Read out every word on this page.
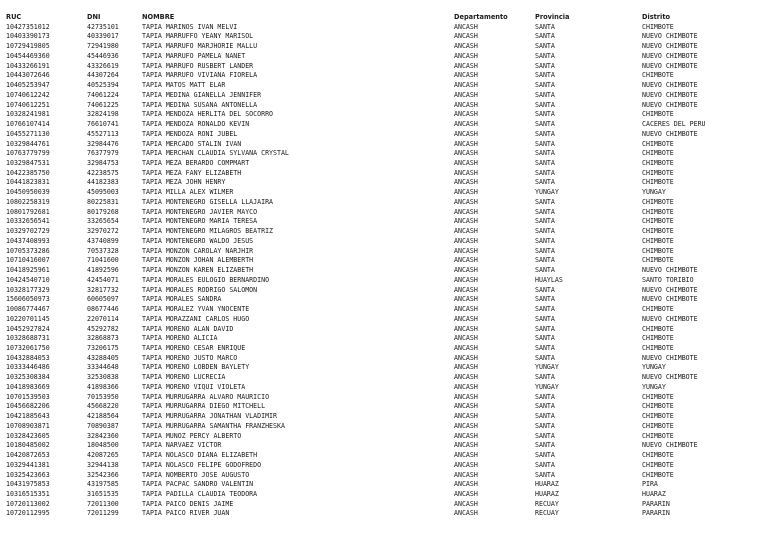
RUC	DNI	NOMBRE	Departamento	Provincia	Distrito
10427351012	42735101	TAPIA MARIÑOS IVAN MELVI	ANCASH	SANTA	CHIMBOTE
10403390173	40339017	TAPIA MARRUFFO YEANY MARISOL	ANCASH	SANTA	NUEVO CHIMBOTE
10729419805	72941980	TAPIA MARRUFO MARJHORIE MALLU	ANCASH	SANTA	NUEVO CHIMBOTE
10454469360	45446936	TAPIA MARRUFO PAMELA NANET	ANCASH	SANTA	NUEVO CHIMBOTE
10433266191	43326619	TAPIA MARRUFO RUSBERT LANDER	ANCASH	SANTA	NUEVO CHIMBOTE
10443072646	44307264	TAPIA MARRUFO VIVIANA FIORELA	ANCASH	SANTA	CHIMBOTE
10405253947	40525394	TAPIA MATOS MATT ELAR	ANCASH	SANTA	NUEVO CHIMBOTE
10740612242	74061224	TAPIA MEDINA GIANELLA JENNIFER	ANCASH	SANTA	NUEVO CHIMBOTE
10740612251	74061225	TAPIA MEDINA SUSANA ANTONELLA	ANCASH	SANTA	NUEVO CHIMBOTE
10328241981	32824198	TAPIA MENDOZA HERLITA DEL SOCORRO	ANCASH	SANTA	CHIMBOTE
10766107414	76610741	TAPIA MENDOZA RONALDO KEVIN	ANCASH	SANTA	CACERES DEL PERU
10455271130	45527113	TAPIA MENDOZA RONI JUBEL	ANCASH	SANTA	NUEVO CHIMBOTE
10329844761	32984476	TAPIA MERCADO STALIN IVAN	ANCASH	SANTA	CHIMBOTE
10763779799	76377979	TAPIA MERCHAN CLAUDIA SYLVANA CRYSTAL	ANCASH	SANTA	CHIMBOTE
10329847531	32984753	TAPIA MEZA BERARDO COMPMART	ANCASH	SANTA	CHIMBOTE
10422385750	42238575	TAPIA MEZA FANY ELIZABETH	ANCASH	SANTA	CHIMBOTE
10441823831	44182383	TAPIA MEZA JOHN HENRY	ANCASH	SANTA	CHIMBOTE
10450950039	45095003	TAPIA MILLA ALEX WILMER	ANCASH	YUNGAY	YUNGAY
10802258319	80225831	TAPIA MONTENEGRO GISELLA LLAJAIRA	ANCASH	SANTA	CHIMBOTE
10801792681	80179268	TAPIA MONTENEGRO JAVIER MAYCO	ANCASH	SANTA	CHIMBOTE
10332656541	33265654	TAPIA MONTENEGRO MARIA TERESA	ANCASH	SANTA	CHIMBOTE
10329702729	32970272	TAPIA MONTENEGRO MILAGROS BEATRIZ	ANCASH	SANTA	CHIMBOTE
10437408993	43740899	TAPIA MONTENEGRO WALDO JESUS	ANCASH	SANTA	CHIMBOTE
10705373286	70537328	TAPIA MONZON CAROLAY NARJHIR	ANCASH	SANTA	CHIMBOTE
10710416007	71041600	TAPIA MONZON JOHAN ALEMBERTH	ANCASH	SANTA	CHIMBOTE
10418925961	41892596	TAPIA MONZON KAREN ELIZABETH	ANCASH	SANTA	NUEVO CHIMBOTE
10424540710	42454071	TAPIA MORALES EULOGIO BERNARDINO	ANCASH	HUAYLAS	SANTO TORIBIO
10328177329	32817732	TAPIA MORALES RODRIGO SALOMON	ANCASH	SANTA	NUEVO CHIMBOTE
15606050973	60605097	TAPIA MORALES SANDRA	ANCASH	SANTA	NUEVO CHIMBOTE
10086774467	08677446	TAPIA MORALEZ YVAN YNOCENTE	ANCASH	SANTA	CHIMBOTE
10220701145	22070114	TAPIA MORAZZANI CARLOS HUGO	ANCASH	SANTA	NUEVO CHIMBOTE
10452927824	45292782	TAPIA MORENO ALAN DAVID	ANCASH	SANTA	CHIMBOTE
10328688731	32868873	TAPIA MORENO ALICIA	ANCASH	SANTA	CHIMBOTE
10732061750	73206175	TAPIA MORENO CESAR ENRIQUE	ANCASH	SANTA	CHIMBOTE
10432884053	43288405	TAPIA MORENO JUSTO MARCO	ANCASH	SANTA	NUEVO CHIMBOTE
10333446486	33344648	TAPIA MORENO LOBDEN BAYLETY	ANCASH	YUNGAY	YUNGAY
10325308384	32530838	TAPIA MORENO LUCRECIA	ANCASH	SANTA	NUEVO CHIMBOTE
10418983669	41898366	TAPIA MORENO VIQUI VIOLETA	ANCASH	YUNGAY	YUNGAY
10701539503	70153950	TAPIA MURRUGARRA ALVARO MAURICIO	ANCASH	SANTA	CHIMBOTE
10456682206	45668220	TAPIA MURRUGARRA DIEGO MITCHELL	ANCASH	SANTA	CHIMBOTE
10421885643	42188564	TAPIA MURRUGARRA JONATHAN VLADIMIR	ANCASH	SANTA	CHIMBOTE
10708903871	70890387	TAPIA MURRUGARRA SAMANTHA FRANZHESKA	ANCASH	SANTA	CHIMBOTE
10328423605	32842360	TAPIA MUÑOZ PERCY ALBERTO	ANCASH	SANTA	CHIMBOTE
10180485002	18048500	TAPIA NARVAEZ VICTOR	ANCASH	SANTA	NUEVO CHIMBOTE
10420872653	42087265	TAPIA NOLASCO DIANA ELIZABETH	ANCASH	SANTA	CHIMBOTE
10329441381	32944138	TAPIA NOLASCO FELIPE GODOFREDO	ANCASH	SANTA	CHIMBOTE
10325423663	32542366	TAPIA NOMBERTO JOSE AUGUSTO	ANCASH	SANTA	CHIMBOTE
10431975853	43197585	TAPIA PACPAC SANDRO VALENTIN	ANCASH	HUARAZ	PIRA
10316515351	31651535	TAPIA PADILLA CLAUDIA TEODORA	ANCASH	HUARAZ	HUARAZ
10720113002	72011300	TAPIA PAICO DENIS JAIME	ANCASH	RECUAY	PARARIN
10720112995	72011299	TAPIA PAICO RIVER JUAN	ANCASH	RECUAY	PARARIN
